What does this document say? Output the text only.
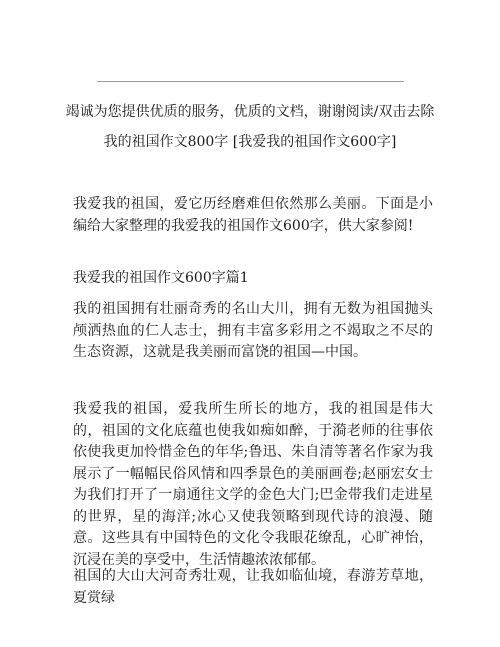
竭诚为您提供优质的服务，优质的文档，谢谢阅读/双击去除
我的祖国作文800字 [我爱我的祖国作文600字]

我爱我的祖国，爱它历经磨难但依然那么美丽。下面是小编给大家整理的我爱我的祖国作文600字，供大家参阅!

我爱我的祖国作文600字篇1

我的祖国拥有壮丽奇秀的名山大川，拥有无数为祖国抛头颅洒热血的仁人志士，拥有丰富多彩用之不竭取之不尽的生态资源，这就是我美丽而富饶的祖国—中国。

我爱我的祖国，爱我所生所长的地方，我的祖国是伟大的，祖国的文化底蕴也使我如痴如醉，于漪老师的往事依依使我更加怜惜金色的年华;鲁迅、朱自清等著名作家为我展示了一幅幅民俗风情和四季景色的美丽画卷;赵丽宏女士为我们打开了一扇通往文学的金色大门;巴金带我们走进星的世界，星的海洋;冰心又使我领略到现代诗的浪漫、随意。这些具有中国特色的文化令我眼花缭乱，心旷神怡，沉浸在美的享受中，生活情趣浓浓郁郁。

祖国的大山大河奇秀壮观，让我如临仙境，春游芳草地，夏赏绿
